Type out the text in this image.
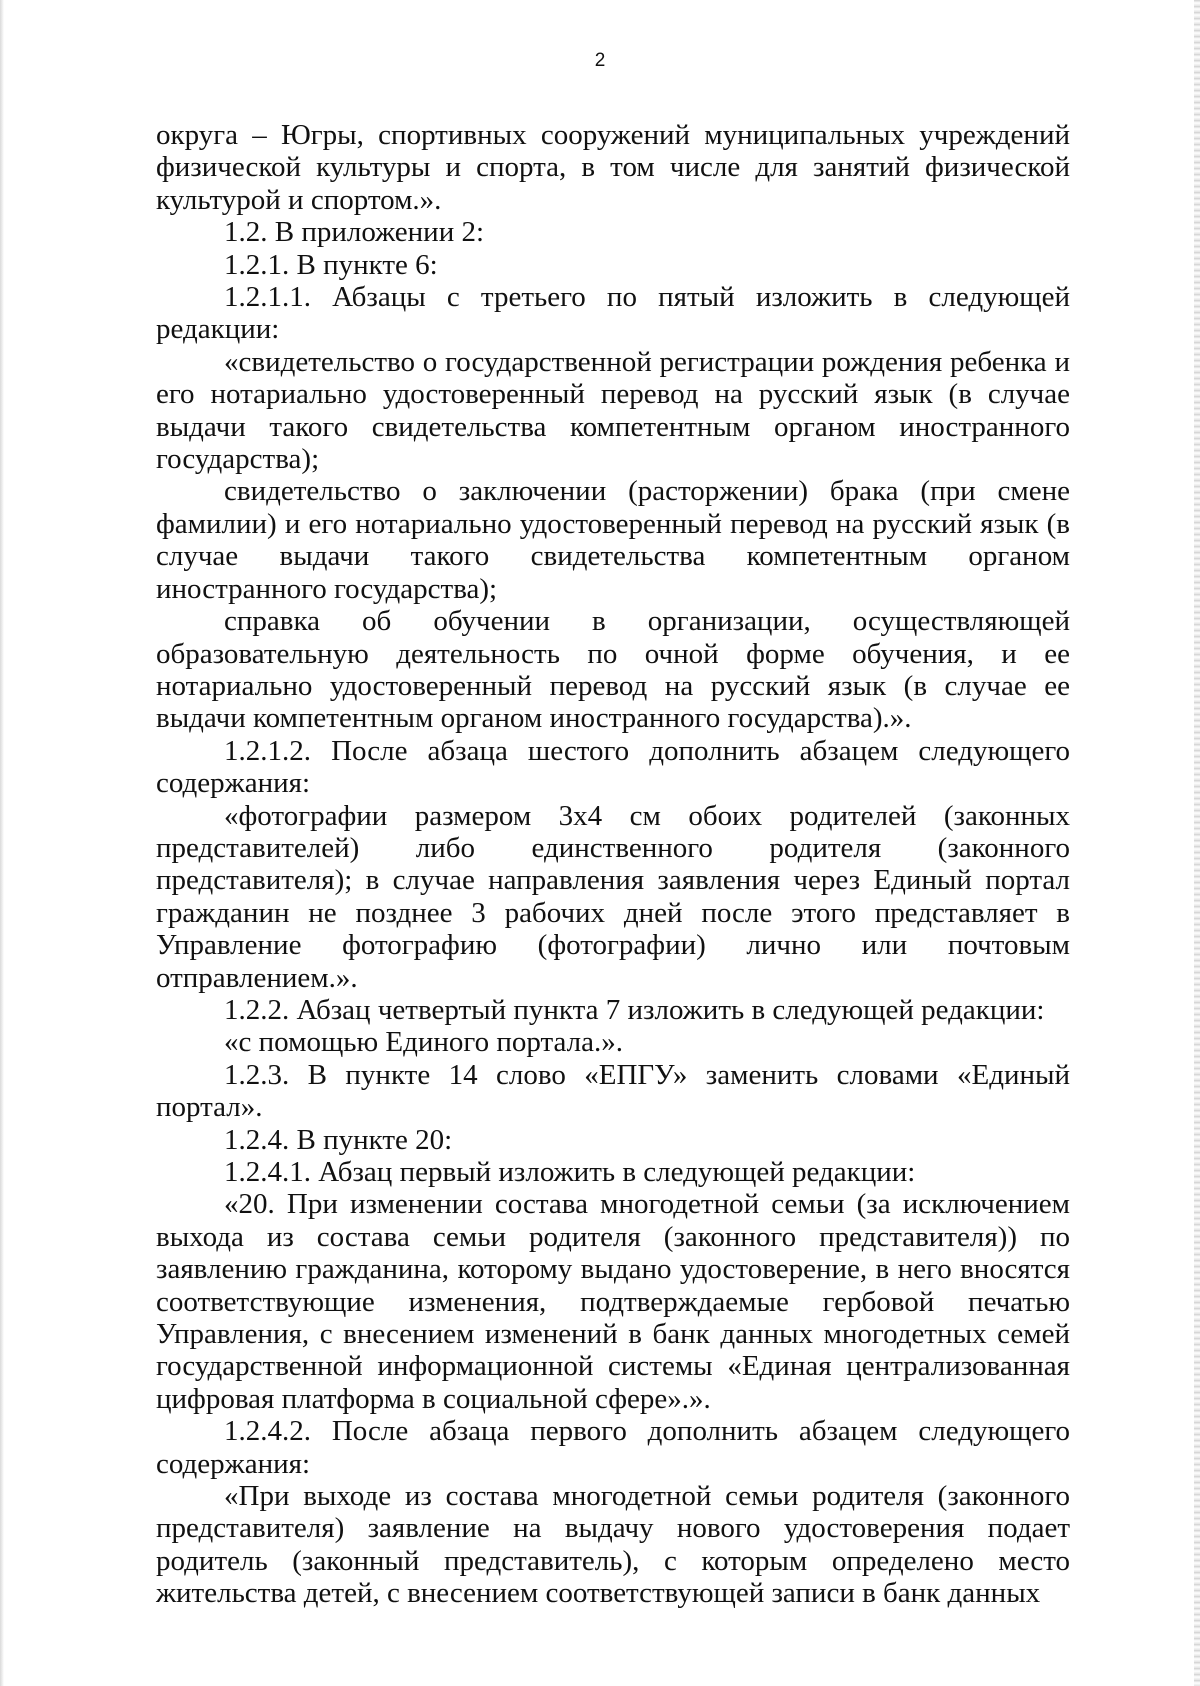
2

округа – Югры, спортивных сооружений муниципальных учреждений физической культуры и спорта, в том числе для занятий физической культурой и спортом.».

1.2. В приложении 2:

1.2.1. В пункте 6:

1.2.1.1. Абзацы с третьего по пятый изложить в следующей редакции:

«свидетельство о государственной регистрации рождения ребенка и его нотариально удостоверенный перевод на русский язык (в случае выдачи такого свидетельства компетентным органом иностранного государства);

свидетельство о заключении (расторжении) брака (при смене фамилии) и его нотариально удостоверенный перевод на русский язык (в случае выдачи такого свидетельства компетентным органом иностранного государства);

справка об обучении в организации, осуществляющей образовательную деятельность по очной форме обучения, и ее нотариально удостоверенный перевод на русский язык (в случае ее выдачи компетентным органом иностранного государства).».

1.2.1.2. После абзаца шестого дополнить абзацем следующего содержания:

«фотографии размером 3x4 см обоих родителей (законных представителей) либо единственного родителя (законного представителя); в случае направления заявления через Единый портал гражданин не позднее 3 рабочих дней после этого представляет в Управление фотографию (фотографии) лично или почтовым отправлением.».

1.2.2. Абзац четвертый пункта 7 изложить в следующей редакции:

«с помощью Единого портала.».

1.2.3. В пункте 14 слово «ЕПГУ» заменить словами «Единый портал».

1.2.4. В пункте 20:

1.2.4.1. Абзац первый изложить в следующей редакции:

«20. При изменении состава многодетной семьи (за исключением выхода из состава семьи родителя (законного представителя)) по заявлению гражданина, которому выдано удостоверение, в него вносятся соответствующие изменения, подтверждаемые гербовой печатью Управления, с внесением изменений в банк данных многодетных семей государственной информационной системы «Единая централизованная цифровая платформа в социальной сфере».».

1.2.4.2. После абзаца первого дополнить абзацем следующего содержания:

«При выходе из состава многодетной семьи родителя (законного представителя) заявление на выдачу нового удостоверения подает родитель (законный представитель), с которым определено место жительства детей, с внесением соответствующей записи в банк данных
